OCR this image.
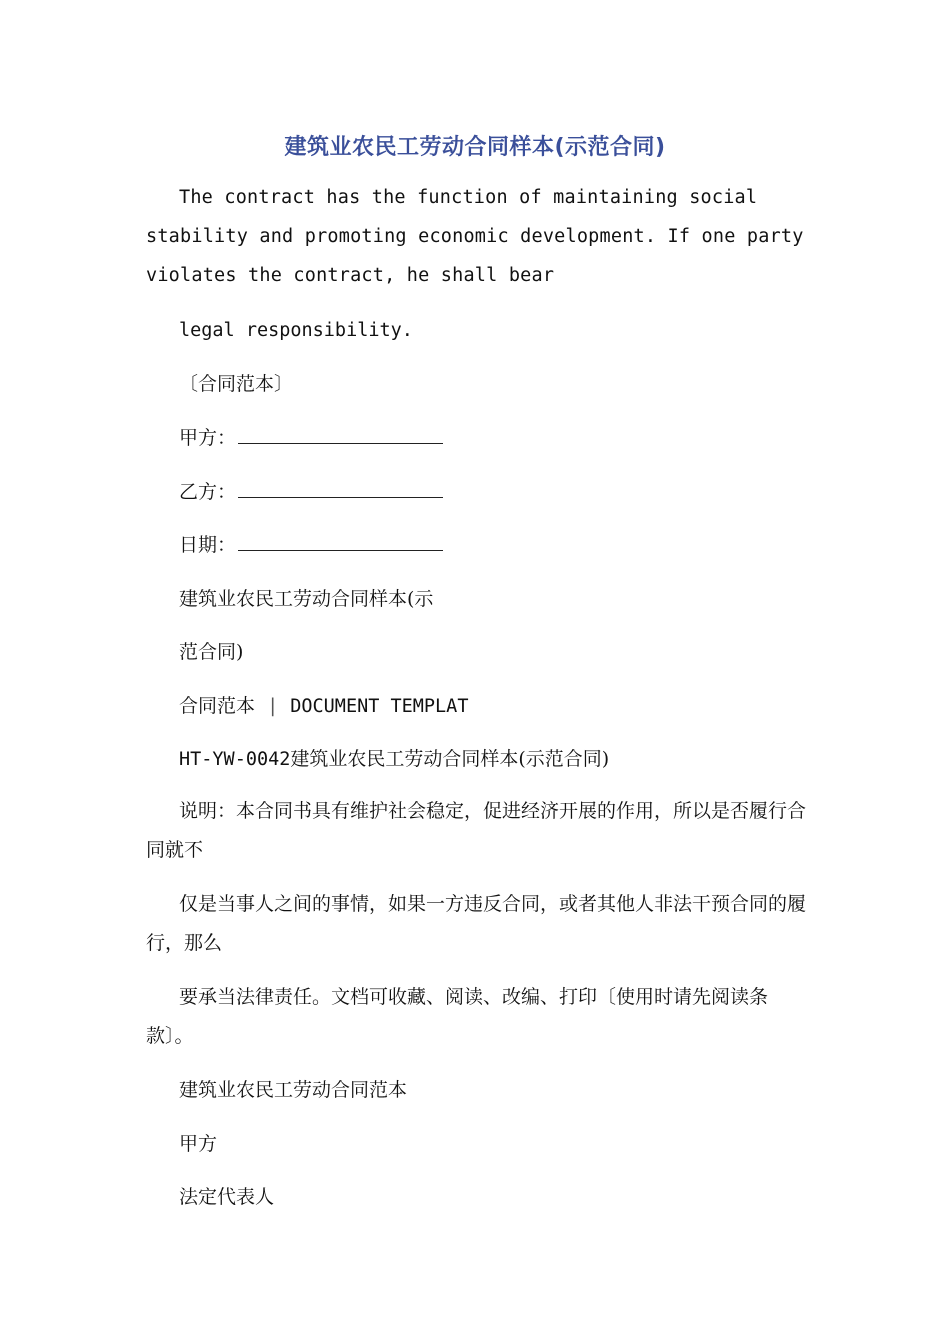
建筑业农民工劳动合同样本(示范合同)

The contract has the function of maintaining social stability and promoting economic development. If one party violates the contract, he shall bear

legal responsibility.
〔合同范本〕
甲方：
乙方：
日期：
建筑业农民工劳动合同样本(示
范合同)
合同范本 | DOCUMENT TEMPLAT
HT-YW-0042建筑业农民工劳动合同样本(示范合同)

说明：本合同书具有维护社会稳定，促进经济开展的作用，所以是否履行合同就不

仅是当事人之间的事情，如果一方违反合同，或者其他人非法干预合同的履行，那么

要承当法律责任。文档可收藏、阅读、改编、打印〔使用时请先阅读条款〕。

建筑业农民工劳动合同范本
甲方
法定代表人
